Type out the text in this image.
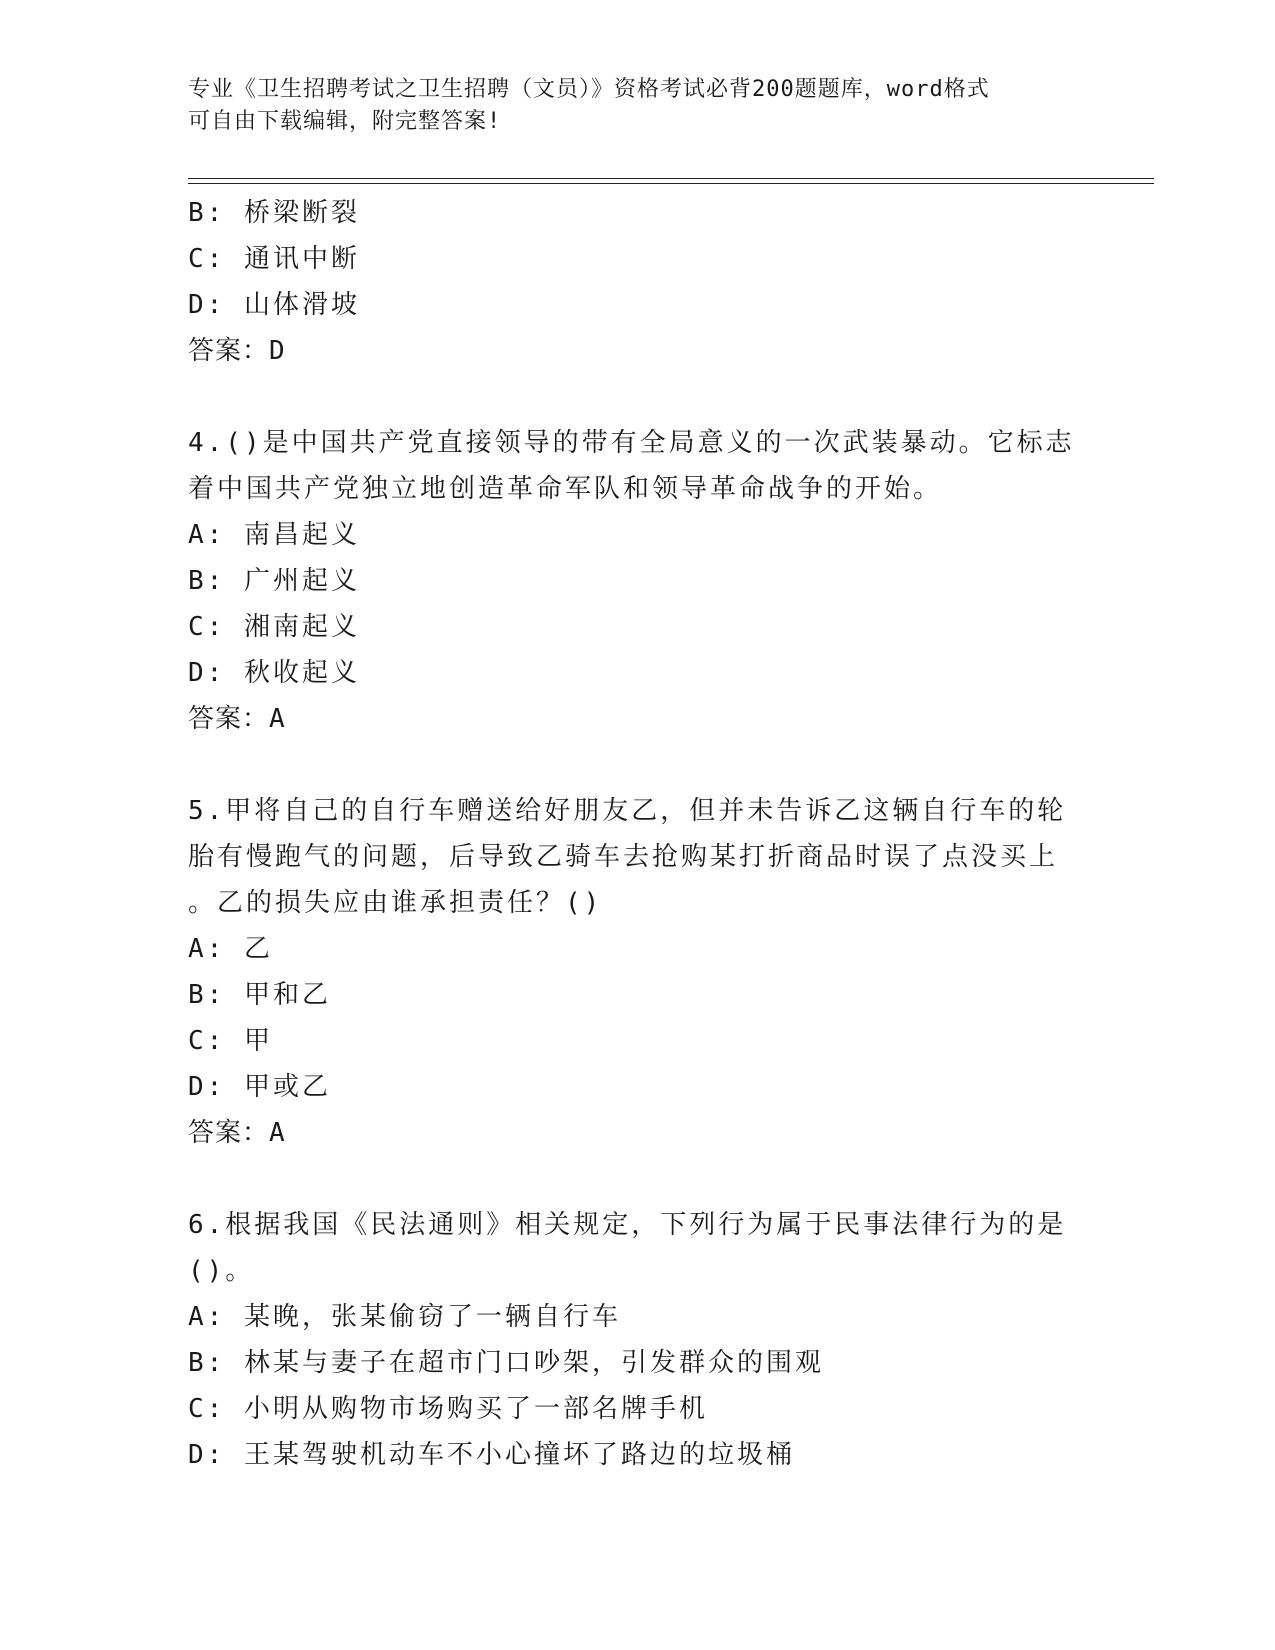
专业《卫生招聘考试之卫生招聘（文员）》资格考试必背200题题库，word格式
可自由下载编辑，附完整答案!
B: 桥梁断裂
C: 通讯中断
D: 山体滑坡
答案：D
4.()是中国共产党直接领导的带有全局意义的一次武装暴动。它标志
着中国共产党独立地创造革命军队和领导革命战争的开始。
A: 南昌起义
B: 广州起义
C: 湘南起义
D: 秋收起义
答案：A
5.甲将自己的自行车赠送给好朋友乙，但并未告诉乙这辆自行车的轮
胎有慢跑气的问题，后导致乙骑车去抢购某打折商品时误了点没买上
。乙的损失应由谁承担责任？()
A: 乙
B: 甲和乙
C: 甲
D: 甲或乙
答案：A
6.根据我国《民法通则》相关规定，下列行为属于民事法律行为的是
()。
A: 某晚，张某偷窃了一辆自行车
B: 林某与妻子在超市门口吵架，引发群众的围观
C: 小明从购物市场购买了一部名牌手机
D: 王某驾驶机动车不小心撞坏了路边的垃圾桶
